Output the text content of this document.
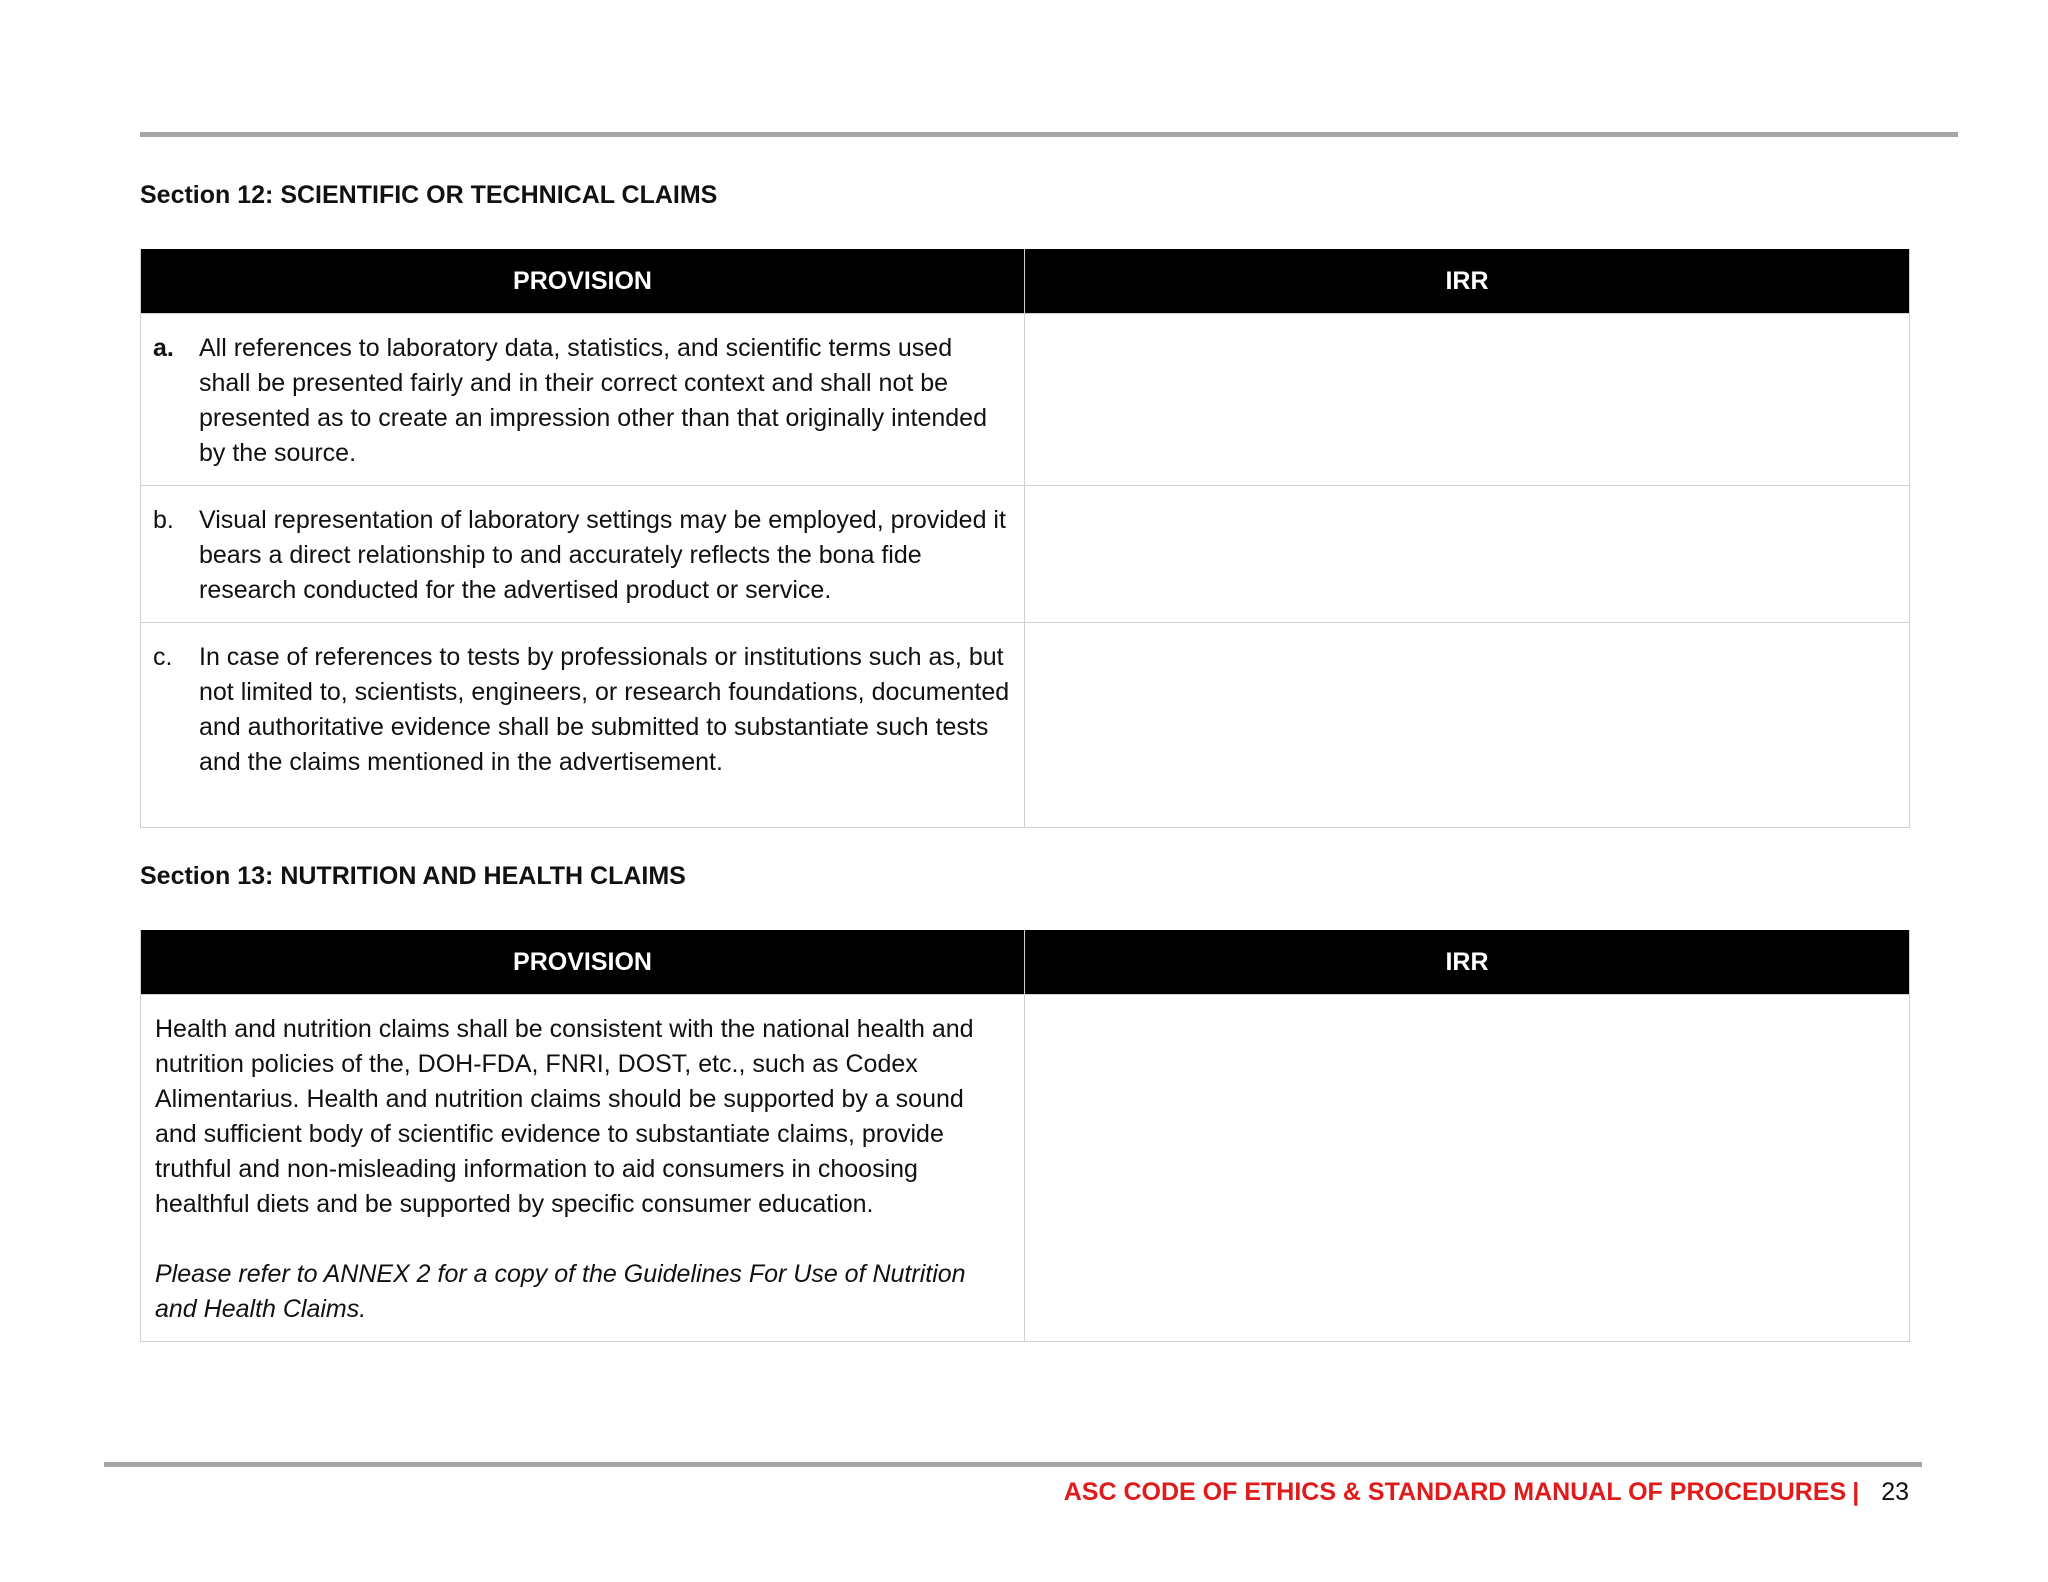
Section 12: SCIENTIFIC OR TECHNICAL CLAIMS
PROVISION	IRR

a. All references to laboratory data, statistics, and scientific terms used shall be presented fairly and in their correct context and shall not be presented as to create an impression other than that originally intended by the source.	

b. Visual representation of laboratory settings may be employed, provided it bears a direct relationship to and accurately reflects the bona fide research conducted for the advertised product or service.	

c. In case of references to tests by professionals or institutions such as, but not limited to, scientists, engineers, or research foundations, documented and authoritative evidence shall be submitted to substantiate such tests and the claims mentioned in the advertisement.	

Section 13: NUTRITION AND HEALTH CLAIMS
PROVISION	IRR

Health and nutrition claims shall be consistent with the national health and nutrition policies of the, DOH-FDA, FNRI, DOST, etc., such as Codex Alimentarius. Health and nutrition claims should be supported by a sound and sufficient body of scientific evidence to substantiate claims, provide truthful and non-misleading information to aid consumers in choosing healthful diets and be supported by specific consumer education.
Please refer to ANNEX 2 for a copy of the Guidelines For Use of Nutrition and Health Claims.	

ASC CODE OF ETHICS & STANDARD MANUAL OF PROCEDURES | 23
